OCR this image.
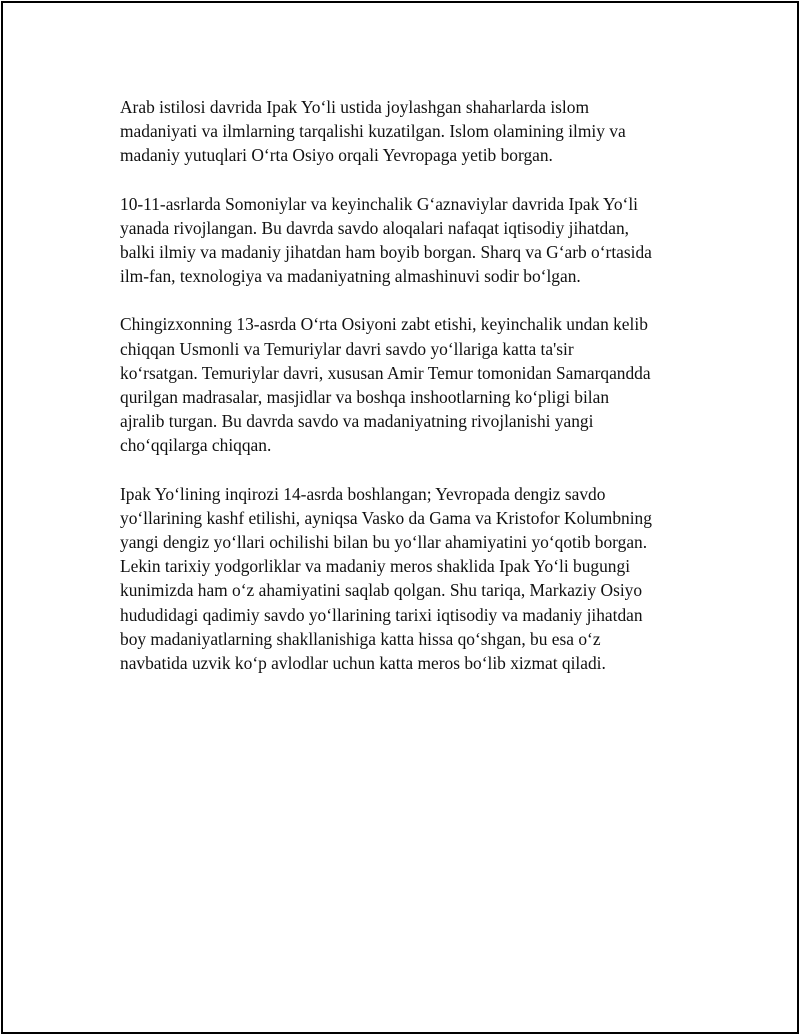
Arab istilosi davrida Ipak Yo‘li ustida joylashgan shaharlarda islom
madaniyati va ilmlarning tarqalishi kuzatilgan. Islom olamining ilmiy va
madaniy yutuqlari O‘rta Osiyo orqali Yevropaga yetib borgan.

10-11-asrlarda Somoniylar va keyinchalik G‘aznaviylar davrida Ipak Yo‘li
yanada rivojlangan. Bu davrda savdo aloqalari nafaqat iqtisodiy jihatdan,
balki ilmiy va madaniy jihatdan ham boyib borgan. Sharq va G‘arb o‘rtasida
ilm-fan, texnologiya va madaniyatning almashinuvi sodir bo‘lgan.

Chingizxonning 13-asrda O‘rta Osiyoni zabt etishi, keyinchalik undan kelib
chiqqan Usmonli va Temuriylar davri savdo yo‘llariga katta ta'sir
ko‘rsatgan. Temuriylar davri, xususan Amir Temur tomonidan Samarqandda
qurilgan madrasalar, masjidlar va boshqa inshootlarning ko‘pligi bilan
ajralib turgan. Bu davrda savdo va madaniyatning rivojlanishi yangi
cho‘qqilarga chiqqan.

Ipak Yo‘lining inqirozi 14-asrda boshlangan; Yevropada dengiz savdo
yo‘llarining kashf etilishi, ayniqsa Vasko da Gama va Kristofor Kolumbning
yangi dengiz yo‘llari ochilishi bilan bu yo‘llar ahamiyatini yo‘qotib borgan.
Lekin tarixiy yodgorliklar va madaniy meros shaklida Ipak Yo‘li bugungi
kunimizda ham o‘z ahamiyatini saqlab qolgan. Shu tariqa, Markaziy Osiyo
hududidagi qadimiy savdo yo‘llarining tarixi iqtisodiy va madaniy jihatdan
boy madaniyatlarning shakllanishiga katta hissa qo‘shgan, bu esa o‘z
navbatida uzvik ko‘p avlodlar uchun katta meros bo‘lib xizmat qiladi.
